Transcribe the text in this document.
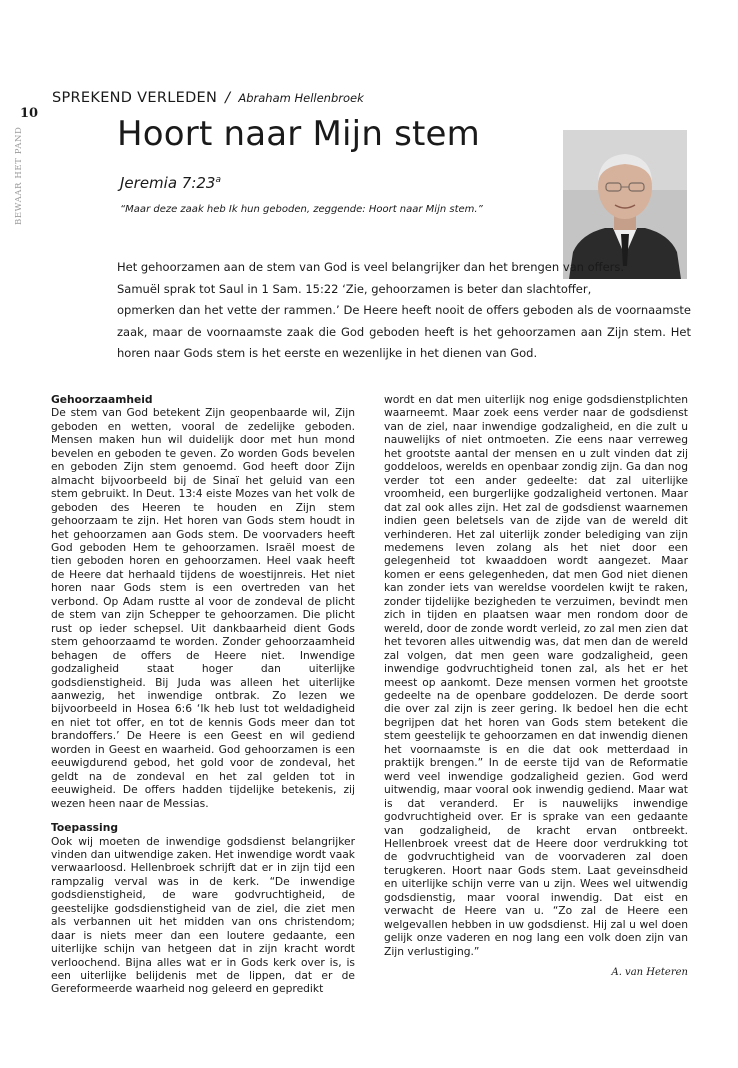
10
BEWAAR HET PAND
SPREKEND VERLEDEN / Abraham Hellenbroek
Hoort naar Mijn stem
Jeremia 7:23$^a$
“Maar deze zaak heb Ik hun geboden, zeggende: Hoort naar Mijn stem.”

Het gehoorzamen aan de stem van God is veel belangrijker dan het brengen van offers.

Samuël sprak tot Saul in 1 Sam. 15:22 ‘Zie, gehoorzamen is beter dan slachtoffer,

opmerken dan het vette der rammen.’ De Heere heeft nooit de offers geboden als de voornaamste zaak, maar de voornaamste zaak die God geboden heeft is het gehoorzamen aan Zijn stem. Het horen naar Gods stem is het eerste en wezenlijke in het dienen van God.

Gehoorzaamheid

De stem van God betekent Zijn geopenbaarde wil, Zijn geboden en wetten, vooral de zedelijke geboden. Mensen maken hun wil duidelijk door met hun mond bevelen en geboden te geven. Zo worden Gods bevelen en geboden Zijn stem genoemd. God heeft door Zijn almacht bijvoorbeeld bij de Sinaï het geluid van een stem gebruikt. In Deut. 13:4 eiste Mozes van het volk de geboden des Heeren te houden en Zijn stem gehoorzaam te zijn. Het horen van Gods stem houdt in het gehoorzamen aan Gods stem. De voorvaders heeft God geboden Hem te gehoorzamen. Israël moest de tien geboden horen en gehoorzamen. Heel vaak heeft de Heere dat herhaald tijdens de woestijnreis. Het niet horen naar Gods stem is een overtreden van het verbond. Op Adam rustte al voor de zondeval de plicht de stem van zijn Schepper te gehoorzamen. Die plicht rust op ieder schepsel. Uit dankbaarheid dient Gods stem gehoorzaamd te worden. Zonder gehoorzaamheid behagen de offers de Heere niet. Inwendige godzaligheid staat hoger dan uiterlijke godsdienstigheid. Bij Juda was alleen het uiterlijke aanwezig, het inwendige ontbrak. Zo lezen we bijvoorbeeld in Hosea 6:6 ‘Ik heb lust tot weldadigheid en niet tot offer, en tot de kennis Gods meer dan tot brandoffers.’ De Heere is een Geest en wil gediend worden in Geest en waarheid. God gehoorzamen is een eeuwigdurend gebod, het gold voor de zondeval, het geldt na de zondeval en het zal gelden tot in eeuwigheid. De offers hadden tijdelijke betekenis, zij wezen heen naar de Messias.

Toepassing

Ook wij moeten de inwendige godsdienst belangrijker vinden dan uitwendige zaken. Het inwendige wordt vaak verwaarloosd. Hellenbroek schrijft dat er in zijn tijd een rampzalig verval was in de kerk. “De inwendige godsdienstigheid, de ware godvruchtigheid, de geestelijke godsdienstigheid van de ziel, die ziet men als verbannen uit het midden van ons christendom; daar is niets meer dan een loutere gedaante, een uiterlijke schijn van hetgeen dat in zijn kracht wordt verloochend. Bijna alles wat er in Gods kerk over is, is een uiterlijke belijdenis met de lippen, dat er de Gereformeerde waarheid nog geleerd en gepredikt

wordt en dat men uiterlijk nog enige godsdienstplichten waarneemt. Maar zoek eens verder naar de godsdienst van de ziel, naar inwendige godzaligheid, en die zult u nauwelijks of niet ontmoeten. Zie eens naar verreweg het grootste aantal der mensen en u zult vinden dat zij goddeloos, werelds en openbaar zondig zijn. Ga dan nog verder tot een ander gedeelte: dat zal uiterlijke vroomheid, een burgerlijke godzaligheid vertonen. Maar dat zal ook alles zijn. Het zal de godsdienst waarnemen indien geen beletsels van de zijde van de wereld dit verhinderen. Het zal uiterlijk zonder belediging van zijn medemens leven zolang als het niet door een gelegenheid tot kwaaddoen wordt aangezet. Maar komen er eens gelegenheden, dat men God niet dienen kan zonder iets van wereldse voordelen kwijt te raken, zonder tijdelijke bezigheden te verzuimen, bevindt men zich in tijden en plaatsen waar men rondom door de wereld, door de zonde wordt verleid, zo zal men zien dat het tevoren alles uitwendig was, dat men dan de wereld zal volgen, dat men geen ware godzaligheid, geen inwendige godvruchtigheid tonen zal, als het er het meest op aankomt. Deze mensen vormen het grootste gedeelte na de openbare goddelozen. De derde soort die over zal zijn is zeer gering. Ik bedoel hen die echt begrijpen dat het horen van Gods stem betekent die stem geestelijk te gehoorzamen en dat inwendig dienen het voornaamste is en die dat ook metterdaad in praktijk brengen.” In de eerste tijd van de Reformatie werd veel inwendige godzaligheid gezien. God werd uitwendig, maar vooral ook inwendig gediend. Maar wat is dat veranderd. Er is nauwelijks inwendige godvruchtigheid over. Er is sprake van een gedaante van godzaligheid, de kracht ervan ontbreekt. Hellenbroek vreest dat de Heere door verdrukking tot de godvruchtigheid van de voorvaderen zal doen terugkeren. Hoort naar Gods stem. Laat geveinsdheid en uiterlijke schijn verre van u zijn. Wees wel uitwendig godsdienstig, maar vooral inwendig. Dat eist en verwacht de Heere van u. “Zo zal de Heere een welgevallen hebben in uw godsdienst. Hij zal u wel doen gelijk onze vaderen en nog lang een volk doen zijn van Zijn verlustiging.”

A. van Heteren
